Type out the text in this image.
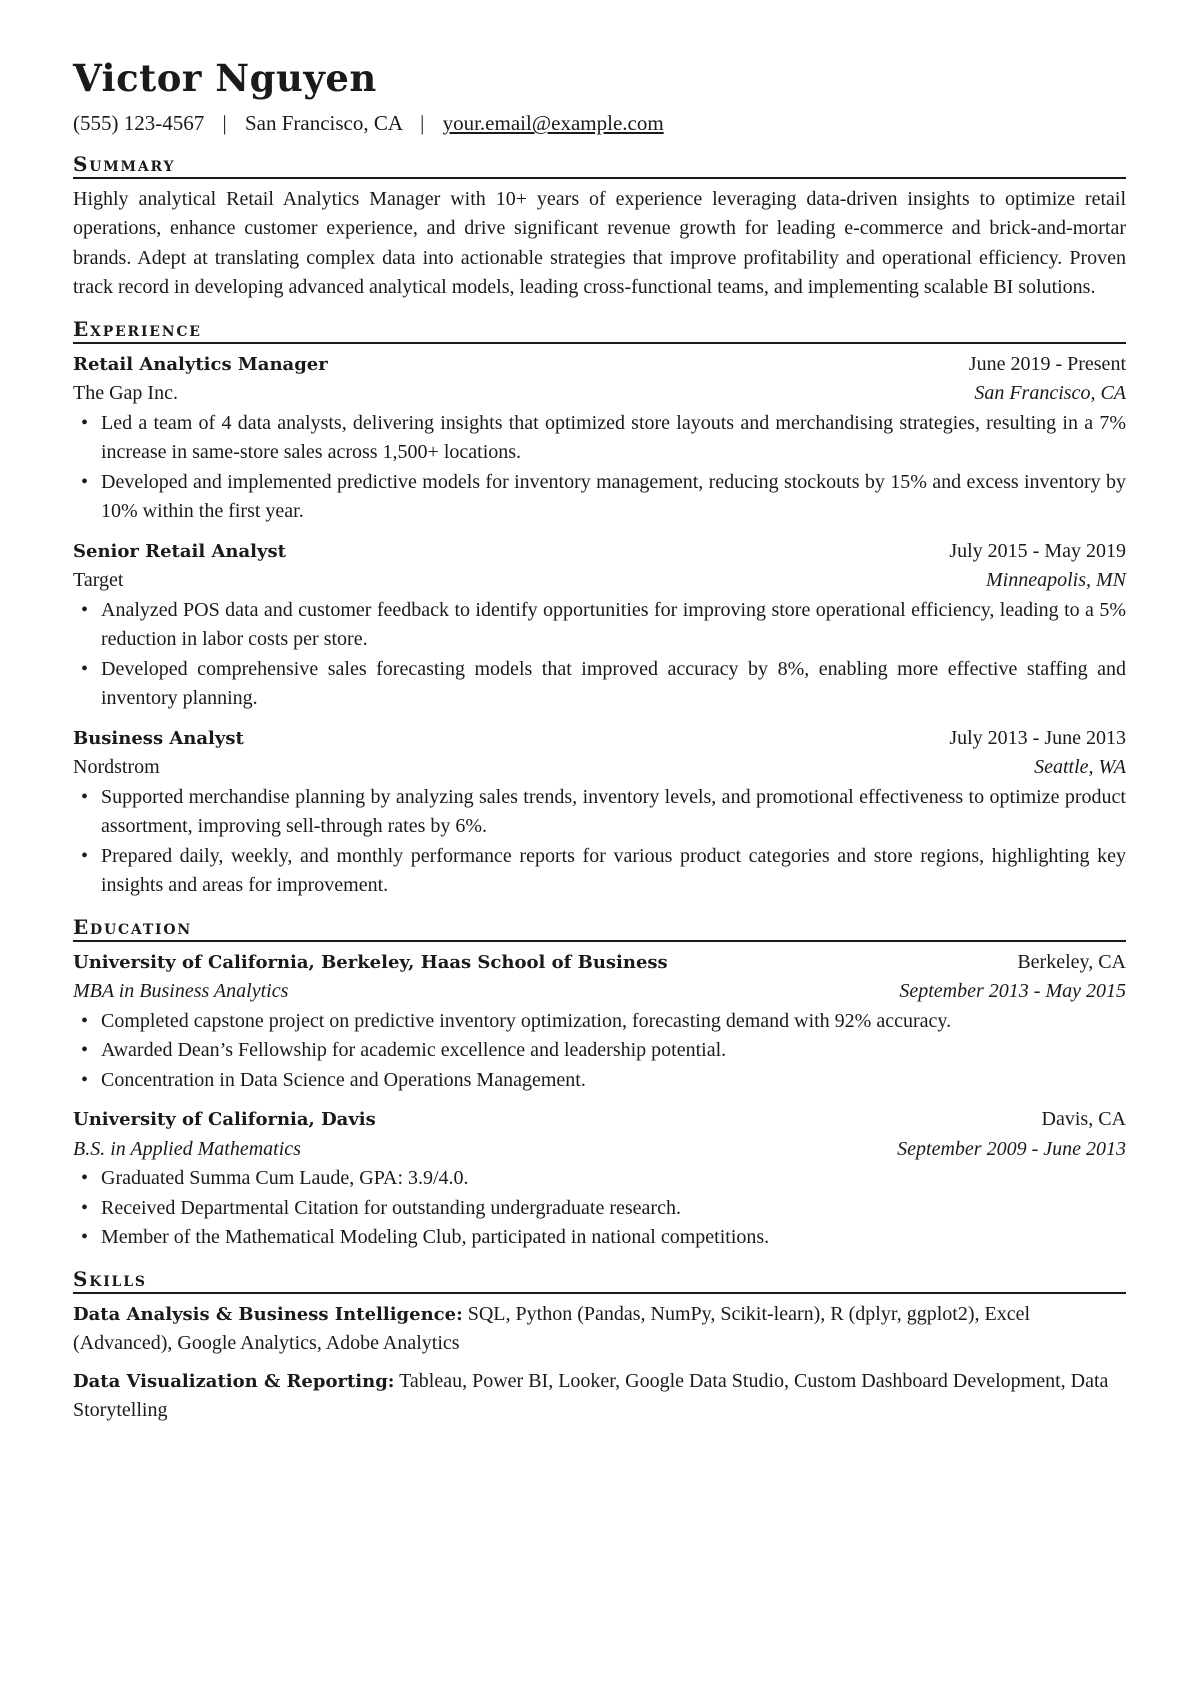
Victor Nguyen
(555) 123-4567 | San Francisco, CA | your.email@example.com
Summary

Highly analytical Retail Analytics Manager with 10+ years of experience leveraging data-driven insights to optimize retail operations, enhance customer experience, and drive significant revenue growth for leading e-commerce and brick-and-mortar brands. Adept at translating complex data into actionable strategies that improve profitability and operational efficiency. Proven track record in developing advanced analytical models, leading cross-functional teams, and implementing scalable BI solutions.

Experience
Retail Analytics Manager	June 2019 - Present
The Gap Inc.	San Francisco, CA
• Led a team of 4 data analysts, delivering insights that optimized store layouts and merchandising strategies, resulting in a 7% increase in same-store sales across 1,500+ locations.
• Developed and implemented predictive models for inventory management, reducing stockouts by 15% and excess inventory by 10% within the first year.
Senior Retail Analyst	July 2015 - May 2019
Target	Minneapolis, MN
• Analyzed POS data and customer feedback to identify opportunities for improving store operational efficiency, leading to a 5% reduction in labor costs per store.
• Developed comprehensive sales forecasting models that improved accuracy by 8%, enabling more effective staffing and inventory planning.
Business Analyst	July 2013 - June 2013
Nordstrom	Seattle, WA
• Supported merchandise planning by analyzing sales trends, inventory levels, and promotional effectiveness to optimize product assortment, improving sell-through rates by 6%.
• Prepared daily, weekly, and monthly performance reports for various product categories and store regions, highlighting key insights and areas for improvement.
Education
University of California, Berkeley, Haas School of Business	Berkeley, CA
MBA in Business Analytics	September 2013 - May 2015
• Completed capstone project on predictive inventory optimization, forecasting demand with 92% accuracy.
• Awarded Dean’s Fellowship for academic excellence and leadership potential.
• Concentration in Data Science and Operations Management.
University of California, Davis	Davis, CA
B.S. in Applied Mathematics	September 2009 - June 2013
• Graduated Summa Cum Laude, GPA: 3.9/4.0.
• Received Departmental Citation for outstanding undergraduate research.
• Member of the Mathematical Modeling Club, participated in national competitions.
Skills
Data Analysis & Business Intelligence: SQL, Python (Pandas, NumPy, Scikit-learn), R (dplyr, ggplot2), Excel (Advanced), Google Analytics, Adobe Analytics
Data Visualization & Reporting: Tableau, Power BI, Looker, Google Data Studio, Custom Dashboard Development, Data Storytelling
